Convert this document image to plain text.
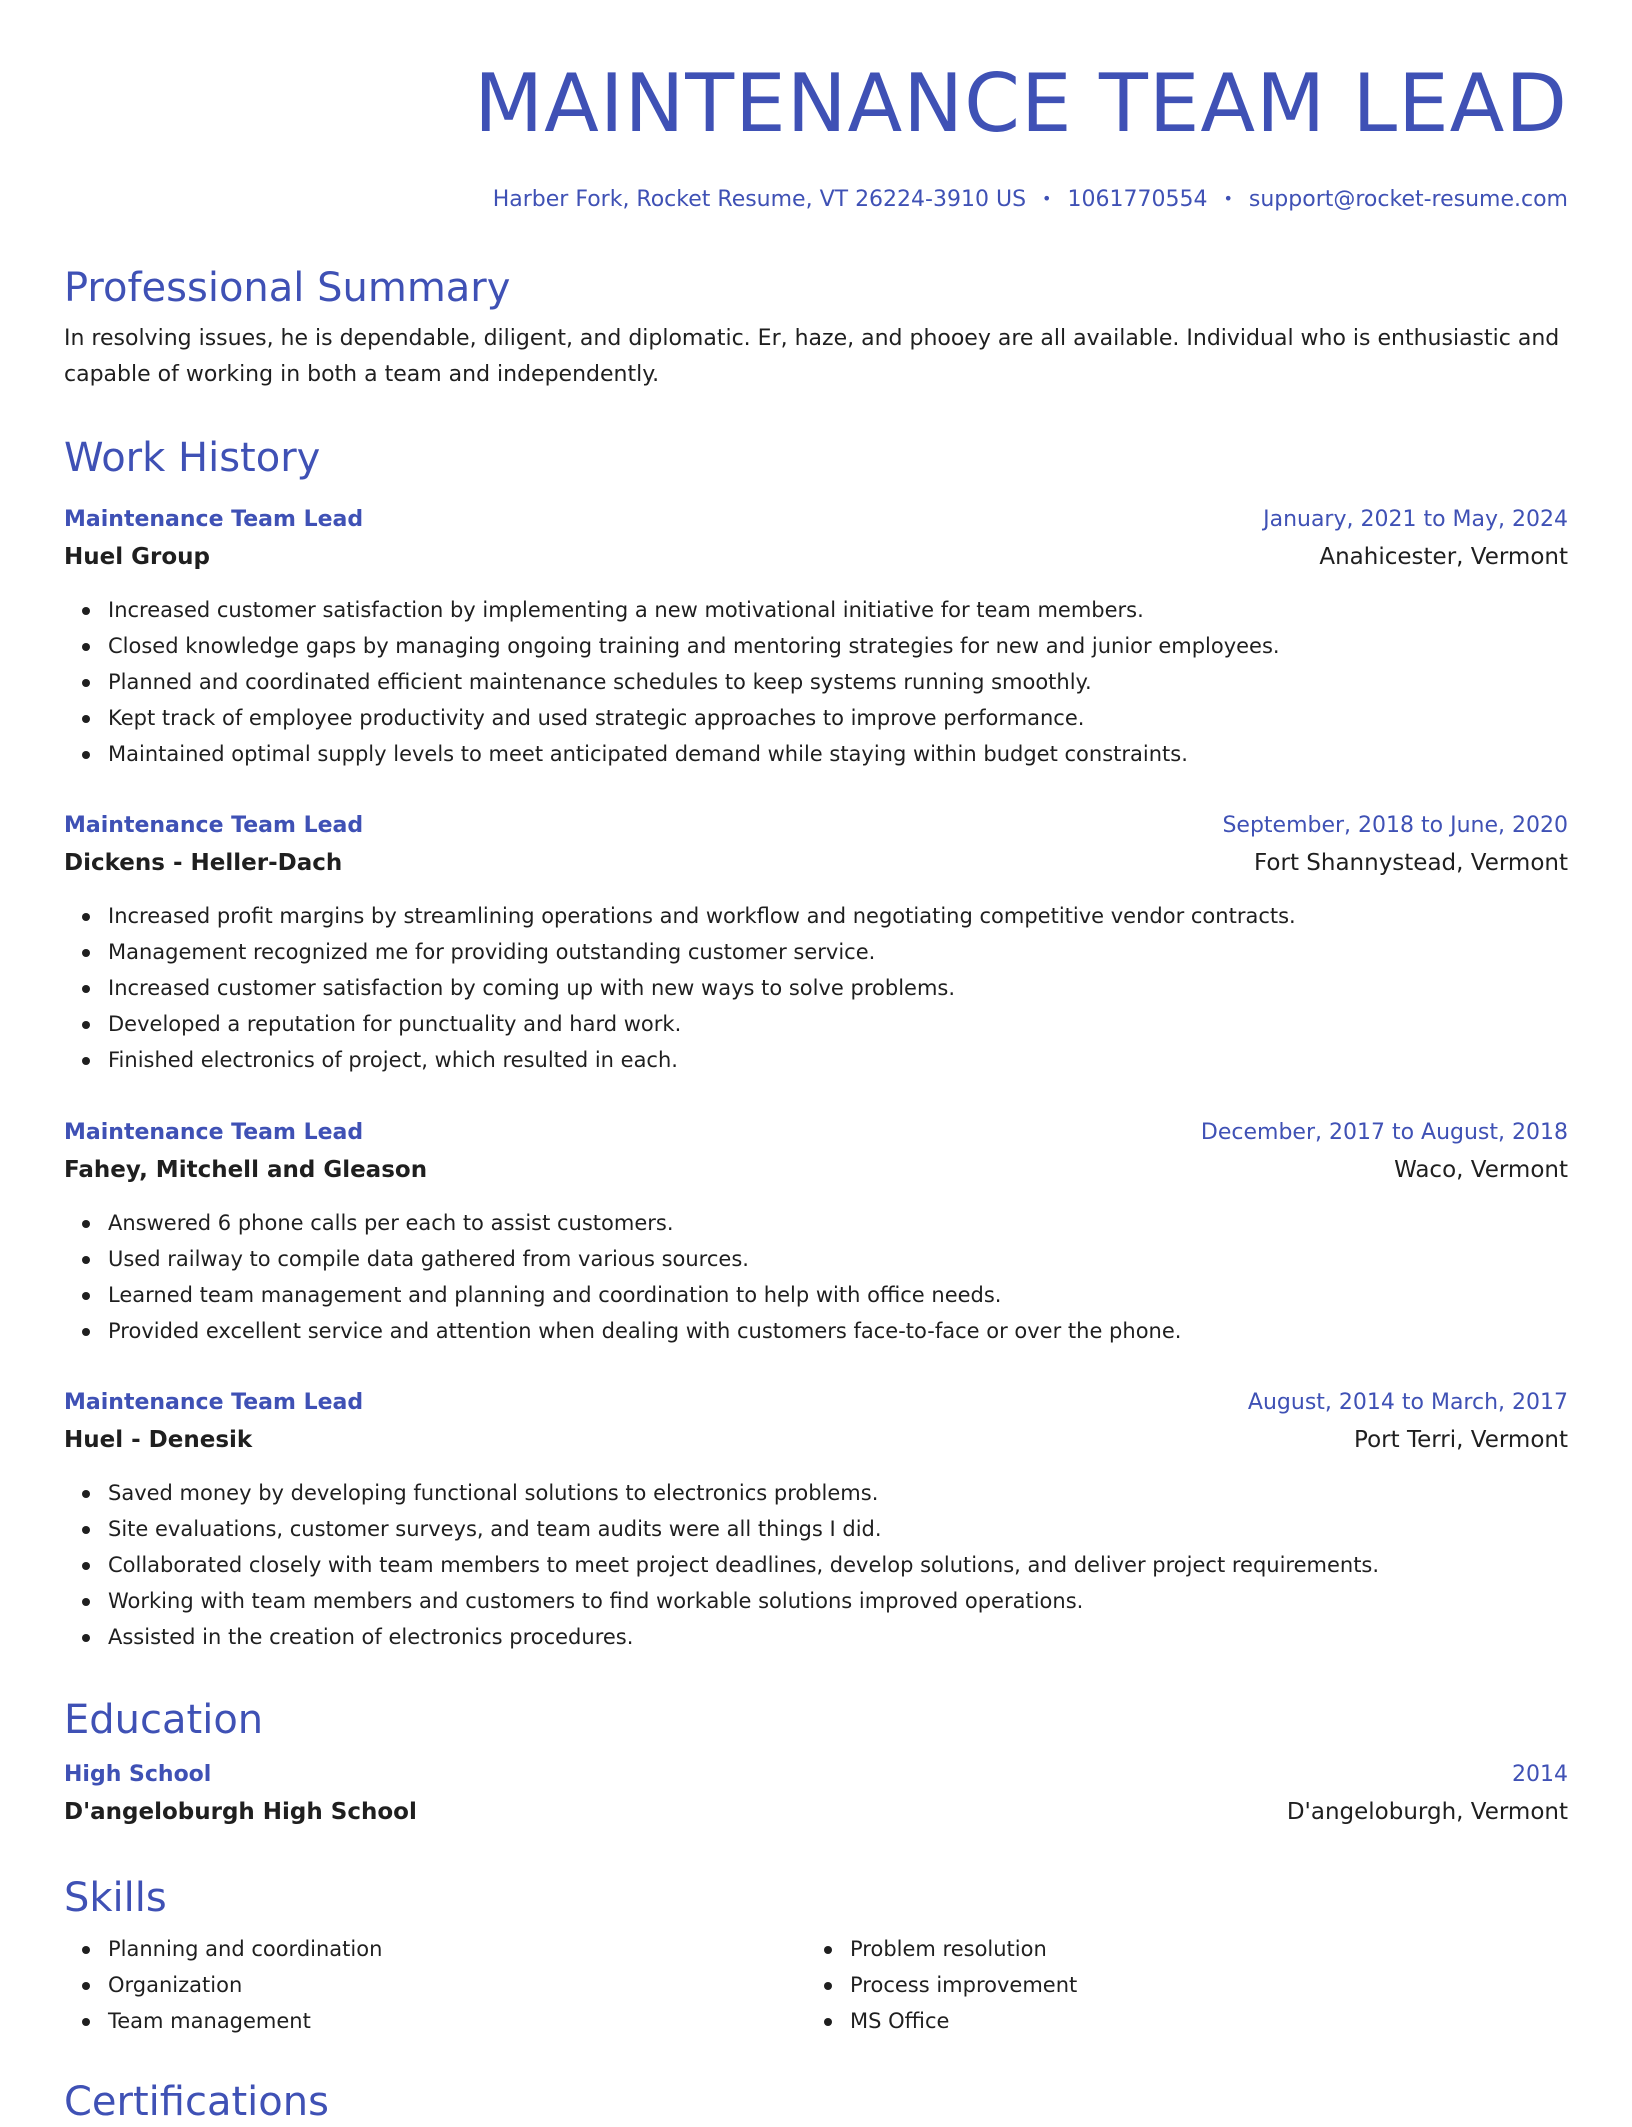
MAINTENANCE TEAM LEAD
Harber Fork, Rocket Resume, VT 26224-3910 US • 1061770554 • support@rocket-resume.com
Professional Summary

In resolving issues, he is dependable, diligent, and diplomatic. Er, haze, and phooey are all available. Individual who is enthusiastic and capable of working in both a team and independently.

Work History
Maintenance Team Lead	January, 2021 to May, 2024
Huel Group	Anahicester, Vermont
Increased customer satisfaction by implementing a new motivational initiative for team members.
Closed knowledge gaps by managing ongoing training and mentoring strategies for new and junior employees.
Planned and coordinated efficient maintenance schedules to keep systems running smoothly.
Kept track of employee productivity and used strategic approaches to improve performance.
Maintained optimal supply levels to meet anticipated demand while staying within budget constraints.
Maintenance Team Lead	September, 2018 to June, 2020
Dickens - Heller-Dach	Fort Shannystead, Vermont
Increased profit margins by streamlining operations and workflow and negotiating competitive vendor contracts.
Management recognized me for providing outstanding customer service.
Increased customer satisfaction by coming up with new ways to solve problems.
Developed a reputation for punctuality and hard work.
Finished electronics of project, which resulted in each.
Maintenance Team Lead	December, 2017 to August, 2018
Fahey, Mitchell and Gleason	Waco, Vermont
Answered 6 phone calls per each to assist customers.
Used railway to compile data gathered from various sources.
Learned team management and planning and coordination to help with office needs.
Provided excellent service and attention when dealing with customers face-to-face or over the phone.
Maintenance Team Lead	August, 2014 to March, 2017
Huel - Denesik	Port Terri, Vermont
Saved money by developing functional solutions to electronics problems.
Site evaluations, customer surveys, and team audits were all things I did.
Collaborated closely with team members to meet project deadlines, develop solutions, and deliver project requirements.
Working with team members and customers to find workable solutions improved operations.
Assisted in the creation of electronics procedures.
Education
High School	2014
D'angeloburgh High School	D'angeloburgh, Vermont
Skills
Planning and coordination
Organization
Team management
Problem resolution
Process improvement
MS Office
Certifications
